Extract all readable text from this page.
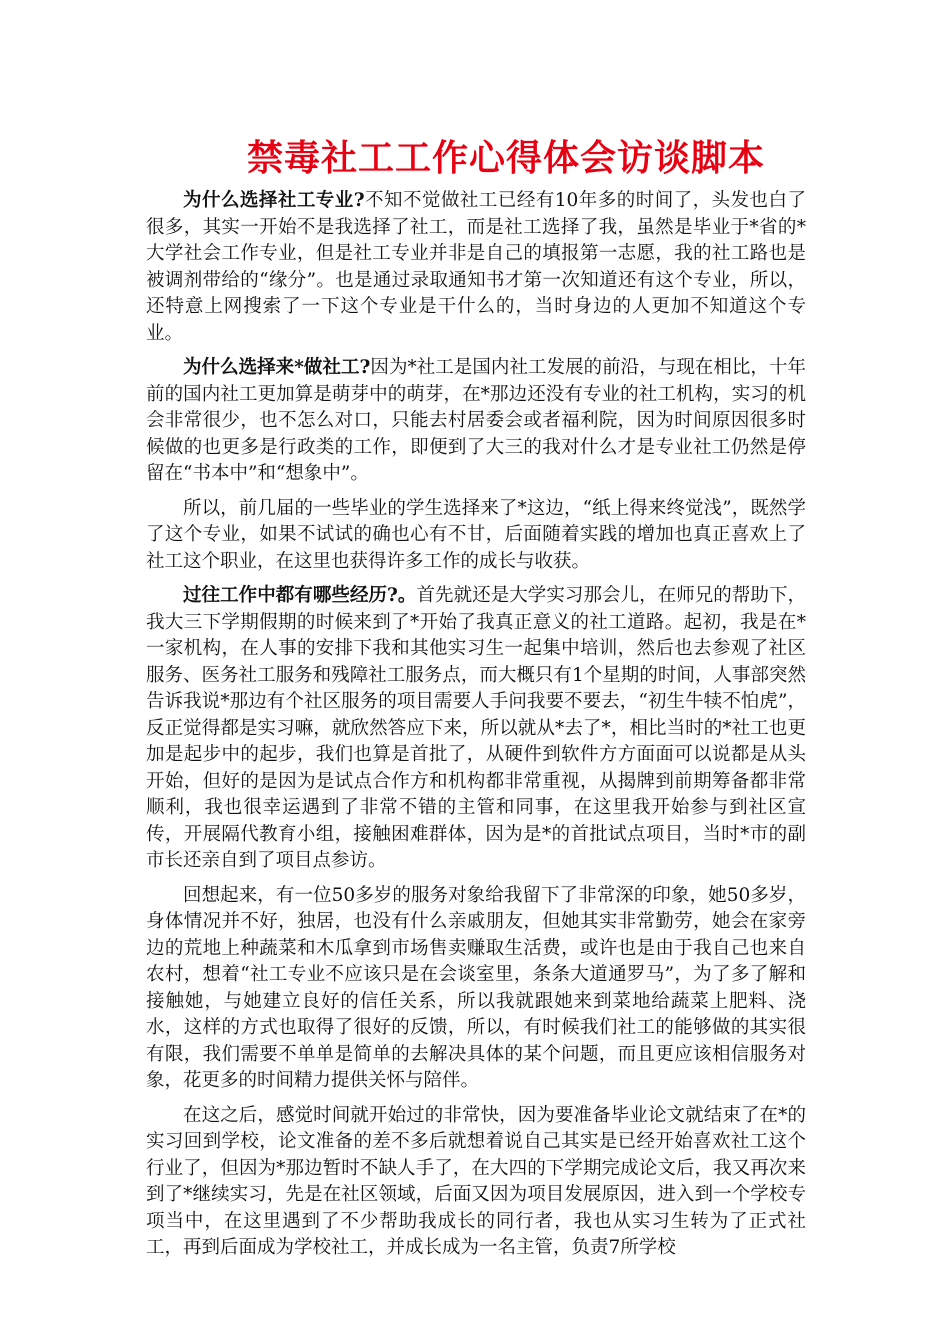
禁毒社工工作心得体会访谈脚本

为什么选择社工专业?不知不觉做社工已经有10年多的时间了，头发也白了很多，其实一开始不是我选择了社工，而是社工选择了我，虽然是毕业于*省的*大学社会工作专业，但是社工专业并非是自己的填报第一志愿，我的社工路也是被调剂带给的“缘分”。也是通过录取通知书才第一次知道还有这个专业，所以，还特意上网搜索了一下这个专业是干什么的，当时身边的人更加不知道这个专业。

为什么选择来*做社工?因为*社工是国内社工发展的前沿，与现在相比，十年前的国内社工更加算是萌芽中的萌芽，在*那边还没有专业的社工机构，实习的机会非常很少，也不怎么对口，只能去村居委会或者福利院，因为时间原因很多时候做的也更多是行政类的工作，即便到了大三的我对什么才是专业社工仍然是停留在“书本中”和“想象中”。

所以，前几届的一些毕业的学生选择来了*这边，“纸上得来终觉浅”，既然学了这个专业，如果不试试的确也心有不甘，后面随着实践的增加也真正喜欢上了社工这个职业，在这里也获得许多工作的成长与收获。

过往工作中都有哪些经历?。首先就还是大学实习那会儿，在师兄的帮助下，我大三下学期假期的时候来到了*开始了我真正意义的社工道路。起初，我是在*一家机构，在人事的安排下我和其他实习生一起集中培训，然后也去参观了社区服务、医务社工服务和残障社工服务点，而大概只有1个星期的时间，人事部突然告诉我说*那边有个社区服务的项目需要人手问我要不要去，“初生牛犊不怕虎”，反正觉得都是实习嘛，就欣然答应下来，所以就从*去了*，相比当时的*社工也更加是起步中的起步，我们也算是首批了，从硬件到软件方方面面可以说都是从头开始，但好的是因为是试点合作方和机构都非常重视，从揭牌到前期筹备都非常顺利，我也很幸运遇到了非常不错的主管和同事，在这里我开始参与到社区宣传，开展隔代教育小组，接触困难群体，因为是*的首批试点项目，当时*市的副市长还亲自到了项目点参访。

回想起来，有一位50多岁的服务对象给我留下了非常深的印象，她50多岁，身体情况并不好，独居，也没有什么亲戚朋友，但她其实非常勤劳，她会在家旁边的荒地上种蔬菜和木瓜拿到市场售卖赚取生活费，或许也是由于我自己也来自农村，想着“社工专业不应该只是在会谈室里，条条大道通罗马”，为了多了解和接触她，与她建立良好的信任关系，所以我就跟她来到菜地给蔬菜上肥料、浇水，这样的方式也取得了很好的反馈，所以，有时候我们社工的能够做的其实很有限，我们需要不单单是简单的去解决具体的某个问题，而且更应该相信服务对象，花更多的时间精力提供关怀与陪伴。

在这之后，感觉时间就开始过的非常快，因为要准备毕业论文就结束了在*的实习回到学校，论文准备的差不多后就想着说自己其实是已经开始喜欢社工这个行业了，但因为*那边暂时不缺人手了，在大四的下学期完成论文后，我又再次来到了*继续实习，先是在社区领域，后面又因为项目发展原因，进入到一个学校专项当中，在这里遇到了不少帮助我成长的同行者，我也从实习生转为了正式社工，再到后面成为学校社工，并成长成为一名主管，负责7所学校
